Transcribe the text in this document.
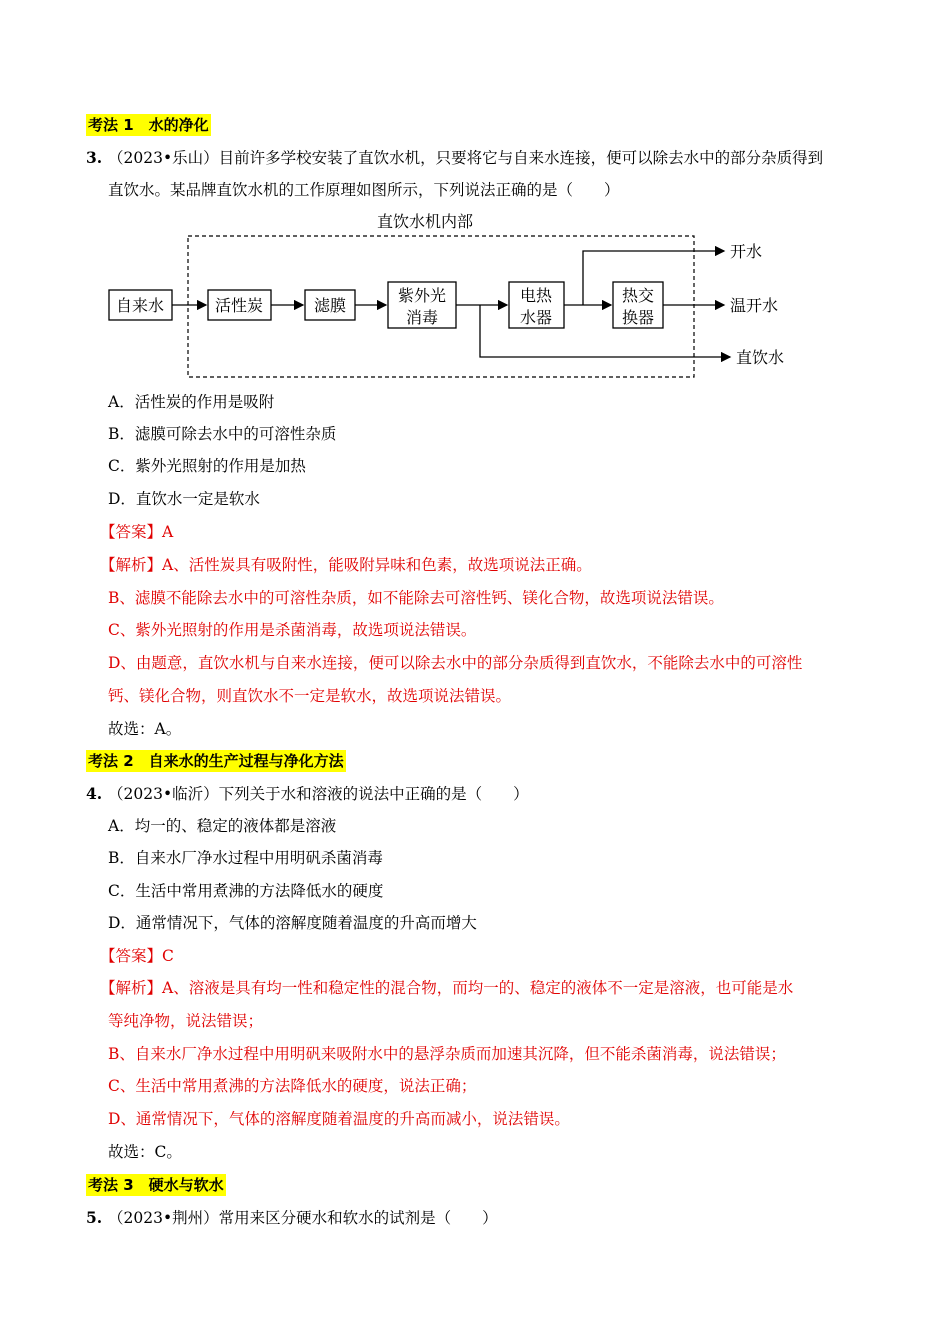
考法 1　水的净化
3. （2023•乐山）目前许多学校安装了直饮水机，只要将它与自来水连接，便可以除去水中的部分杂质得到
直饮水。某品牌直饮水机的工作原理如图所示，下列说法正确的是（　　）
直饮水机内部
自来水	活性炭	滤膜
紫外光
消毒
电热
水器
热交
换器
开水
温开水
直饮水
A．活性炭的作用是吸附
B．滤膜可除去水中的可溶性杂质
C．紫外光照射的作用是加热
D．直饮水一定是软水
【答案】A
【解析】A、活性炭具有吸附性，能吸附异味和色素，故选项说法正确。
B、滤膜不能除去水中的可溶性杂质，如不能除去可溶性钙、镁化合物，故选项说法错误。
C、紫外光照射的作用是杀菌消毒，故选项说法错误。
D、由题意，直饮水机与自来水连接，便可以除去水中的部分杂质得到直饮水，不能除去水中的可溶性
钙、镁化合物，则直饮水不一定是软水，故选项说法错误。
故选：A。
考法 2　自来水的生产过程与净化方法
4. （2023•临沂）下列关于水和溶液的说法中正确的是（　　）
A．均一的、稳定的液体都是溶液
B．自来水厂净水过程中用明矾杀菌消毒
C．生活中常用煮沸的方法降低水的硬度
D．通常情况下，气体的溶解度随着温度的升高而增大
【答案】C
【解析】A、溶液是具有均一性和稳定性的混合物，而均一的、稳定的液体不一定是溶液，也可能是水
等纯净物，说法错误；
B、自来水厂净水过程中用明矾来吸附水中的悬浮杂质而加速其沉降，但不能杀菌消毒，说法错误；
C、生活中常用煮沸的方法降低水的硬度，说法正确；
D、通常情况下，气体的溶解度随着温度的升高而减小，说法错误。
故选：C。
考法 3　硬水与软水
5. （2023•荆州）常用来区分硬水和软水的试剂是（　　）
